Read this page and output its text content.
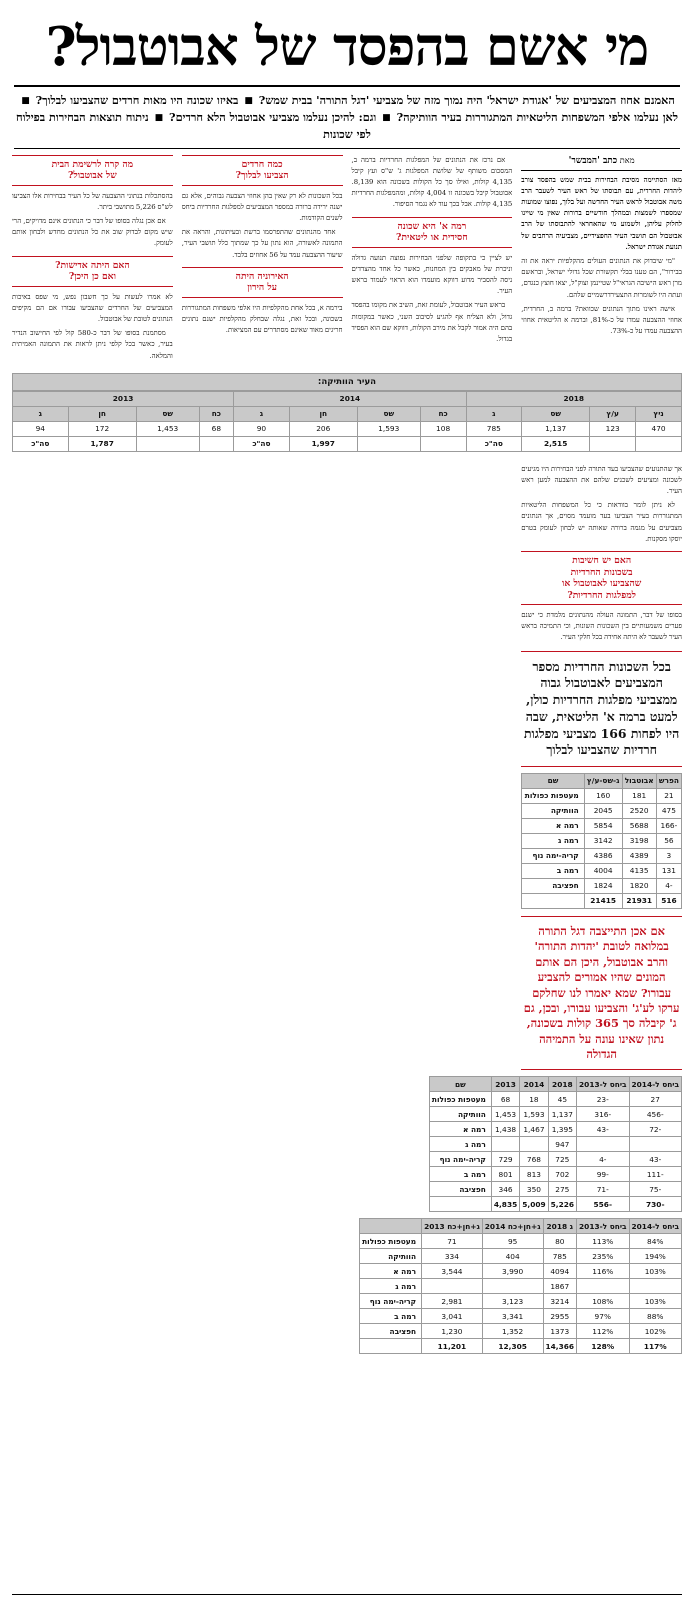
מי אשם בהפסד של אבוטבול?
האמנם אחוז המצביעים של 'אגודת ישראל' היה נמוך מזה של מצביעי 'דגל התורה' בבית שמש? ■ באיזו שכונה היו מאות חרדים שהצביעו לבלוך? ■ לאן נעלמו אלפי המשפחות הליטאיות המתגוררות בעיר הוותיקה? ■ וגם: להיכן נעלמו מצביעי אבוטבול הלא חרדים? ■ ניתוח תוצאות הבחירות בפילוח לפי שכונות
מאת כתב 'המבשר'

מאז הסתיימה מסיבת הבחירות בבית שמש בהפסד צורב ליהדות החרדית, עם תבוסתו של ראש העיר לשעבר הרב משה אבוטבול לראש העיר החדשה ועל בלוך, נפוצו שמועות שמספרו לשמצות ובמהלך חודשיים ברורות שאין מי שיינו לחלוק עליהן, ולשמוע מי שהאחראי להתבוסתו של הרב אבוטבול הם תושבי העיר החפצידיים, מצביעיה הרחבים של תנועת אגודת ישראל.

"מי שיבדוק את הנתונים העולים מהקלפיות יראה את זה בבירור", הם טענו בבלי תקשורת שכל גדולי ישראל, ובראשם מרן ראש הישיבה הגראי"ל שטיינמן וצוק"ל, יצאו חוצץ כנגדם, ועתה היו לשומרות התצעירדרשמיים שלהם.

אישה ראינו מתוך הנתונים שכוואת? ברמה ב, החרדית, אחוזי ההצבעה עמדו על כ-81%, וברמה א הליטאית אחוזי ההצבעה עמדו על כ-73%.

אם נרכז את הנתונים של המפלגות החרדיות ברמה ב, המסכום משותף של שלושת המפלגות ג' ש"ס ועץ קיבל 4,135 קולות, ואילו סך כל הקולות בשכונה הוא 8,139. אבוטבול קיבל בשכונה זו 4,004 קולות, ומהמפלגות החרדיות 4,135 קולות. אבל בכך עוד לא נגמר הסיפור.

רמה א' היא שכונה
חסידית או ליטאית?

יש לציין כי בתקופה שלפני הבחירות נפוצה תנועה גדולה וניכרת של מאבקים בין המחנות, כאשר כל אחד מהצדדים ניסה להסביר מדוע דווקא מועמדו הוא הראוי לעמוד בראש העיר.

בראש העיר אבוטבול, לעומת זאת, השיב את מקומו בהפסד גדול, ולא הצליח אף להגיע לסיבוב השני, כאשר במקומות בהם היה אמור לקבל את מירב הקולות, דווקא שם הוא הפסיד בגדול.

כמה חרדים
הצביעו לבלוך?

בכל השכונות לא רק שאין בהן אחוזי הצבעה גבוהים, אלא גם ישנה ירידה ברורה במספר המצביעים למפלגות החרדיות ביחס לשנים הקודמות.

אחד מהנתונים שהתפרסמו ברשת ובעיתונות, והראה את התמונה לאשורה, הוא נתון על כך שמתוך כלל תושבי העיר, שיעור ההצבעה עמד על 56 אחוזים בלבד.

האירוניה היתה
על הירון

בירמה א, בכל אחת מהקלפיות היו אלפי משפחות המתגוררות בשכונה, ובכל זאת, נגלה שבחלק מהקלפיות ישנם נתונים חריגים מאוד שאינם מסתדרים עם המציאות.

מה קרה לרשימת הבית
של אבוטבול?

בהסתכלות בנתוני ההצבעה של כל העיר בבחירות אלו הצביעו לש"ס 5,226 מתושבי ביתר.

אם אכן נגלה בסופו של דבר כי הנתונים אינם מדויקים, הרי שיש מקום לבדוק שוב את כל הנתונים מחדש ולבחון אותם לעומק.

האם היתה אדישות?
ואם כן היכן?

לא אמרו לעשות על כך חשבון נפש, מי שפס באיכות המצביעים של החרדים שהצביעו עבורו אם הם מקיפים הנתונים לטובת של אבוטבול.

מסתמנת בסופו של דבר כ-580 קול לפי החישוב הנדיר בעיר, כאשר בכל קלפי ניתן לראות את התמונה האמיתית והמלאה.

העיר הוותיקה:
2018				2014				2013			
ניץ	ע/ץ	שס	ג	כח	שס	חן	ג	כח	שס	חן	ג
470	123	1,137	785	108	1,593	206	90	68	1,453	172	94
		2,515	סה"כ			1,997	סה"כ			1,787	סה"כ

אך שהתנועים שהצביעו בעד התורה לפני הבחירות היו מגיעים לשכונה ומציעים לשכנים שלהם את ההצבעה למען ראש העיר.

לא ניתן לומר בוודאות כי כל המשפחות הליטאיות המתגוררות בעיר הצביעו בעד מועמד מסוים, אך הנתונים מצביעים על מגמה ברורה שאותה יש לבחון לעומק בטרם יוסקו מסקנות.

האם יש חשיבות
בשכונות החרדיות
שהצביעו לאבוטבול או
למפלגות החרדיות?

בסופו של דבר, התמונה העולה מהנתונים מלמדת כי ישנם פערים משמעותיים בין השכונות השונות, וכי התמיכה בראש העיר לשעבר לא היתה אחידה בכל חלקי העיר.

בכל השכונות החרדיות מספר המצביעים לאבוטבול גבוה ממצביעי מפלגות החרדיות כולן, למעט ברמה א' הליטאית, שבה היו לפחות 166 מצביעי מפלגות חרדיות שהצביעו לבלוך
הפרש	אבוטבול	ג-שס-ע/ץ	שם
21	181	160	מעטפות כפולות
475	2520	2045	הוותיקה
-166	5688	5854	רמה א
56	3198	3142	רמה ג
3	4389	4386	קריה-ימה נוף
131	4135	4004	רמה ב
-4	1820	1824	חפציבה
516	21931	21415	
אם אכן התייצבה דגל התורה במלואה לטובת 'יהדות התורה' והרב אבוטבול, היכן הם אותם המונים שהיו אמורים להצביע עבורו? שמא יאמרו לנו שחלקם ערקו לע'ג' והצביעו עבורו, ובכן, גם ג' קיבלה סך 365 קולות בשכונה, נתון שאינו עונה על התמיהה הגדולה
ביחס ל-2014	ביחס ל-2013	2018	2014	2013	שם
27	-23	45	18	68	מעטפות כפולות
-456	-316	1,137	1,593	1,453	הוותיקה
-72	-43	1,395	1,467	1,438	רמה א
		947			רמה ג
-43	-4	725	768	729	קריה-ימה נוף
-111	-99	702	813	801	רמה ב
-75	-71	275	350	346	חפציבה
-730	-556	5,226	5,009	4,835	
ביחס ל-2014	ביחס ל-2013	ג 2018	ג+חן+כח 2014	ג+חן+כח 2013	
84%	113%	80	95	71	מעטפות כפולות
194%	235%	785	404	334	הוותיקה
103%	116%	4094	3,990	3,544	רמה א
		1867			רמה ג
103%	108%	3214	3,123	2,981	קריה-ימה נוף
88%	97%	2955	3,341	3,041	רמה ב
102%	112%	1373	1,352	1,230	חפציבה
117%	128%	14,366	12,305	11,201	
